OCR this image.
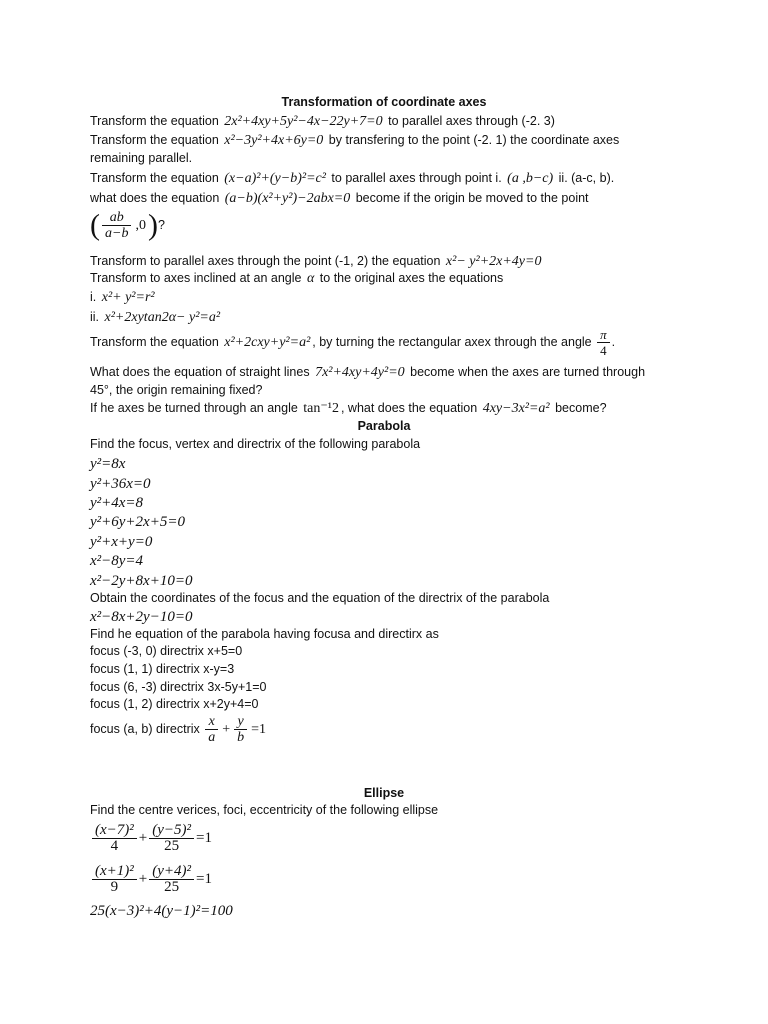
Transformation of coordinate axes
Transform the equation 2x²+4xy+5y²−4x−22y+7=0 to parallel axes through (-2. 3)
Transform the equation x²−3y²+4x+6y=0 by transfering to the point (-2. 1) the coordinate axes
remaining parallel.
Transform the equation (x−a)²+(y−b)²=c² to parallel axes through point i. (a ,b−c) ii. (a-c, b).
what does the equation (a−b)(x²+y²)−2abx=0 become if the origin be moved to the point
( $\frac{ab}{a-b} ,0$)?
Transform to parallel axes through the point (-1, 2) the equation x²− y²+2x+4y=0
Transform to axes inclined at an angle α to the original axes the equations
i. x²+ y²=r²
ii. x²+2xytan2α− y²=a²
Transform the equation x²+2cxy+y²=a² , by turning the rectangular axex through the angle $\frac{\pi}{4}$ .
What does the equation of straight lines 7x²+4xy+4y²=0 become when the axes are turned through
45°, the origin remaining fixed?
If he axes be turned through an angle tan⁻¹2 , what does the equation 4xy−3x²=a² become?
Parabola
Find the focus, vertex and directrix of the following parabola
y²=8x
y²+36x=0
y²+4x=8
y²+6y+2x+5=0
y²+x+y=0
x²−8y=4
x²−2y+8x+10=0
Obtain the coordinates of the focus and the equation of the directrix of the parabola
x²−8x+2y−10=0
Find he equation of the parabola having focusa and directirx as
focus (-3, 0) directrix x+5=0
focus (1, 1) directrix x-y=3
focus (6, -3) directrix 3x-5y+1=0
focus (1, 2) directrix x+2y+4=0
focus (a, b) directrix $\frac{x}{a} + \frac{y}{b} =1$
Ellipse
Find the centre verices, foci, eccentricity of the following ellipse
$\frac{\text{(x−7)²}}{4} + \frac{\text{(y−5)²}}{25} =1$
$\frac{\text{(x+1)²}}{9} + \frac{\text{(y+4)²}}{25} =1$
25(x−3)²+4(y−1)²=100
